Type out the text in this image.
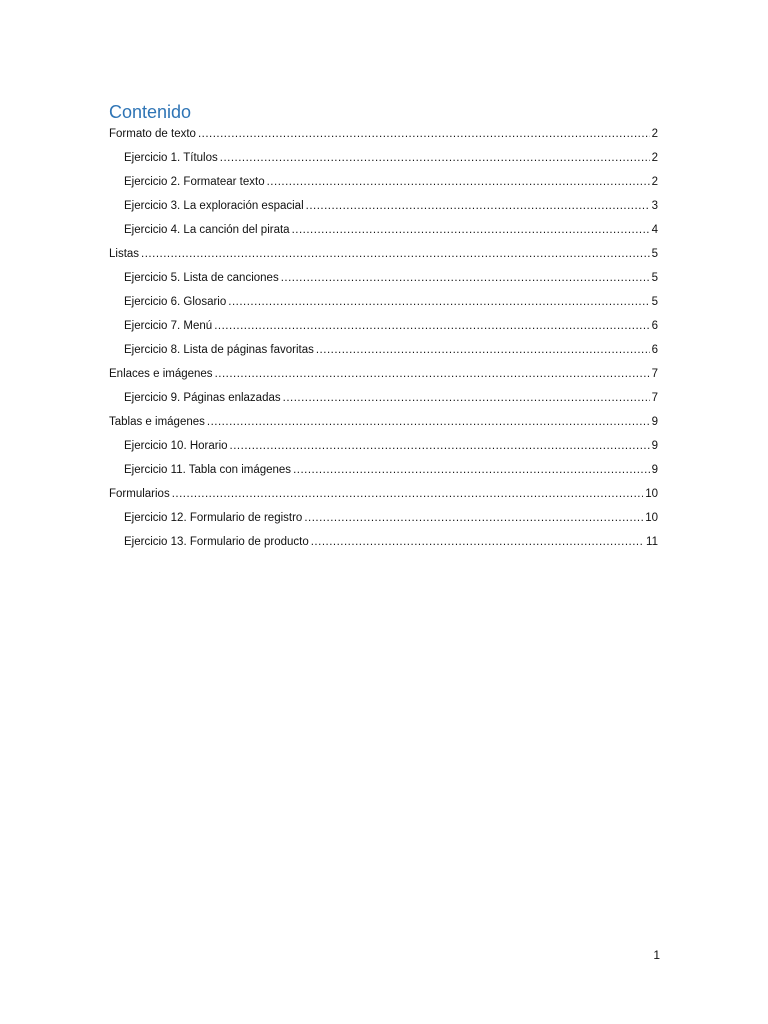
Contenido
Formato de texto .....	2
Ejercicio 1. Títulos .....	2
Ejercicio 2. Formatear texto .....	2
Ejercicio 3. La exploración espacial .....	3
Ejercicio 4. La canción del pirata .....	4
Listas .....	5
Ejercicio 5. Lista de canciones .....	5
Ejercicio 6. Glosario .....	5
Ejercicio 7. Menú .....	6
Ejercicio 8. Lista de páginas favoritas .....	6
Enlaces e imágenes .....	7
Ejercicio 9. Páginas enlazadas .....	7
Tablas e imágenes .....	9
Ejercicio 10. Horario .....	9
Ejercicio 11. Tabla con imágenes .....	9
Formularios .....	10
Ejercicio 12. Formulario de registro .....	10
Ejercicio 13. Formulario de producto .....	11
1
